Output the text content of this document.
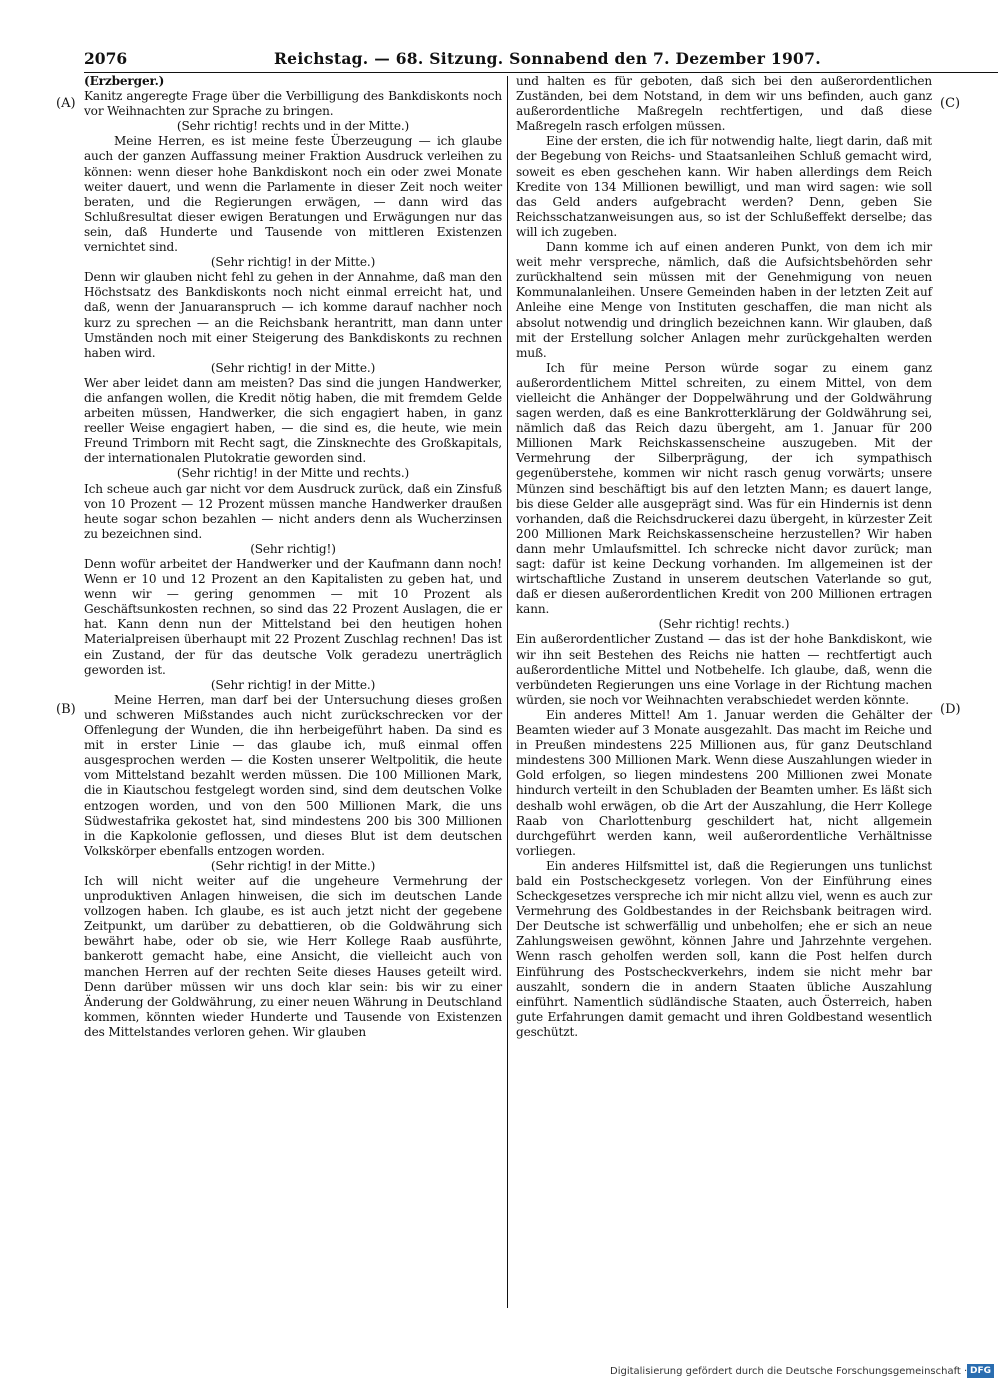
2076	Reichstag. — 68. Sitzung. Sonnabend den 7. Dezember 1907.
(A)
(B)
(C)
(D)

(Erzberger.)

Kanitz angeregte Frage über die Verbilligung des Bankdiskonts noch vor Weihnachten zur Sprache zu bringen.

(Sehr richtig! rechts und in der Mitte.)

Meine Herren, es ist meine feste Überzeugung — ich glaube auch der ganzen Auffassung meiner Fraktion Ausdruck verleihen zu können: wenn dieser hohe Bankdiskont noch ein oder zwei Monate weiter dauert, und wenn die Parlamente in dieser Zeit noch weiter beraten, und die Regierungen erwägen, — dann wird das Schlußresultat dieser ewigen Beratungen und Erwägungen nur das sein, daß Hunderte und Tausende von mittleren Existenzen vernichtet sind.

(Sehr richtig! in der Mitte.)

Denn wir glauben nicht fehl zu gehen in der Annahme, daß man den Höchstsatz des Bankdiskonts noch nicht einmal erreicht hat, und daß, wenn der Januaranspruch — ich komme darauf nachher noch kurz zu sprechen — an die Reichsbank herantritt, man dann unter Umständen noch mit einer Steigerung des Bankdiskonts zu rechnen haben wird.

(Sehr richtig! in der Mitte.)

Wer aber leidet dann am meisten? Das sind die jungen Handwerker, die anfangen wollen, die Kredit nötig haben, die mit fremdem Gelde arbeiten müssen, Handwerker, die sich engagiert haben, in ganz reeller Weise engagiert haben, — die sind es, die heute, wie mein Freund Trimborn mit Recht sagt, die Zinsknechte des Großkapitals, der internationalen Plutokratie geworden sind.

(Sehr richtig! in der Mitte und rechts.)

Ich scheue auch gar nicht vor dem Ausdruck zurück, daß ein Zinsfuß von 10 Prozent — 12 Prozent müssen manche Handwerker draußen heute sogar schon bezahlen — nicht anders denn als Wucherzinsen zu bezeichnen sind.

(Sehr richtig!)

Denn wofür arbeitet der Handwerker und der Kaufmann dann noch! Wenn er 10 und 12 Prozent an den Kapitalisten zu geben hat, und wenn wir — gering genommen — mit 10 Prozent als Geschäftsunkosten rechnen, so sind das 22 Prozent Auslagen, die er hat. Kann denn nun der Mittelstand bei den heutigen hohen Materialpreisen überhaupt mit 22 Prozent Zuschlag rechnen! Das ist ein Zustand, der für das deutsche Volk geradezu unerträglich geworden ist.

(Sehr richtig! in der Mitte.)

Meine Herren, man darf bei der Untersuchung dieses großen und schweren Mißstandes auch nicht zurückschrecken vor der Offenlegung der Wunden, die ihn herbeigeführt haben. Da sind es mit in erster Linie — das glaube ich, muß einmal offen ausgesprochen werden — die Kosten unserer Weltpolitik, die heute vom Mittelstand bezahlt werden müssen. Die 100 Millionen Mark, die in Kiautschou festgelegt worden sind, sind dem deutschen Volke entzogen worden, und von den 500 Millionen Mark, die uns Südwestafrika gekostet hat, sind mindestens 200 bis 300 Millionen in die Kapkolonie geflossen, und dieses Blut ist dem deutschen Volkskörper ebenfalls entzogen worden.

(Sehr richtig! in der Mitte.)

Ich will nicht weiter auf die ungeheure Vermehrung der unproduktiven Anlagen hinweisen, die sich im deutschen Lande vollzogen haben. Ich glaube, es ist auch jetzt nicht der gegebene Zeitpunkt, um darüber zu debattieren, ob die Goldwährung sich bewährt habe, oder ob sie, wie Herr Kollege Raab ausführte, bankerott gemacht habe, eine Ansicht, die vielleicht auch von manchen Herren auf der rechten Seite dieses Hauses geteilt wird. Denn darüber müssen wir uns doch klar sein: bis wir zu einer Änderung der Goldwährung, zu einer neuen Währung in Deutschland kommen, könnten wieder Hunderte und Tausende von Existenzen des Mittelstandes verloren gehen. Wir glauben

und halten es für geboten, daß sich bei den außerordentlichen Zuständen, bei dem Notstand, in dem wir uns befinden, auch ganz außerordentliche Maßregeln rechtfertigen, und daß diese Maßregeln rasch erfolgen müssen.

Eine der ersten, die ich für notwendig halte, liegt darin, daß mit der Begebung von Reichs- und Staatsanleihen Schluß gemacht wird, soweit es eben geschehen kann. Wir haben allerdings dem Reich Kredite von 134 Millionen bewilligt, und man wird sagen: wie soll das Geld anders aufgebracht werden? Denn, geben Sie Reichsschatzanweisungen aus, so ist der Schlußeffekt derselbe; das will ich zugeben.

Dann komme ich auf einen anderen Punkt, von dem ich mir weit mehr verspreche, nämlich, daß die Aufsichtsbehörden sehr zurückhaltend sein müssen mit der Genehmigung von neuen Kommunalanleihen. Unsere Gemeinden haben in der letzten Zeit auf Anleihe eine Menge von Instituten geschaffen, die man nicht als absolut notwendig und dringlich bezeichnen kann. Wir glauben, daß mit der Erstellung solcher Anlagen mehr zurückgehalten werden muß.

Ich für meine Person würde sogar zu einem ganz außerordentlichem Mittel schreiten, zu einem Mittel, von dem vielleicht die Anhänger der Doppelwährung und der Goldwährung sagen werden, daß es eine Bankrotterklärung der Goldwährung sei, nämlich daß das Reich dazu übergeht, am 1. Januar für 200 Millionen Mark Reichskassenscheine auszugeben. Mit der Vermehrung der Silberprägung, der ich sympathisch gegenüberstehe, kommen wir nicht rasch genug vorwärts; unsere Münzen sind beschäftigt bis auf den letzten Mann; es dauert lange, bis diese Gelder alle ausgeprägt sind. Was für ein Hindernis ist denn vorhanden, daß die Reichsdruckerei dazu übergeht, in kürzester Zeit 200 Millionen Mark Reichskassenscheine herzustellen? Wir haben dann mehr Umlaufsmittel. Ich schrecke nicht davor zurück; man sagt: dafür ist keine Deckung vorhanden. Im allgemeinen ist der wirtschaftliche Zustand in unserem deutschen Vaterlande so gut, daß er diesen außerordentlichen Kredit von 200 Millionen ertragen kann.

(Sehr richtig! rechts.)

Ein außerordentlicher Zustand — das ist der hohe Bankdiskont, wie wir ihn seit Bestehen des Reichs nie hatten — rechtfertigt auch außerordentliche Mittel und Notbehelfe. Ich glaube, daß, wenn die verbündeten Regierungen uns eine Vorlage in der Richtung machen würden, sie noch vor Weihnachten verabschiedet werden könnte.

Ein anderes Mittel! Am 1. Januar werden die Gehälter der Beamten wieder auf 3 Monate ausgezahlt. Das macht im Reiche und in Preußen mindestens 225 Millionen aus, für ganz Deutschland mindestens 300 Millionen Mark. Wenn diese Auszahlungen wieder in Gold erfolgen, so liegen mindestens 200 Millionen zwei Monate hindurch verteilt in den Schubladen der Beamten umher. Es läßt sich deshalb wohl erwägen, ob die Art der Auszahlung, die Herr Kollege Raab von Charlottenburg geschildert hat, nicht allgemein durchgeführt werden kann, weil außerordentliche Verhältnisse vorliegen.

Ein anderes Hilfsmittel ist, daß die Regierungen uns tunlichst bald ein Postscheckgesetz vorlegen. Von der Einführung eines Scheckgesetzes verspreche ich mir nicht allzu viel, wenn es auch zur Vermehrung des Goldbestandes in der Reichsbank beitragen wird. Der Deutsche ist schwerfällig und unbeholfen; ehe er sich an neue Zahlungsweisen gewöhnt, können Jahre und Jahrzehnte vergehen. Wenn rasch geholfen werden soll, kann die Post helfen durch Einführung des Postscheckverkehrs, indem sie nicht mehr bar auszahlt, sondern die in andern Staaten übliche Auszahlung einführt. Namentlich südländische Staaten, auch Österreich, haben gute Erfahrungen damit gemacht und ihren Goldbestand wesentlich geschützt.

Digitalisierung gefördert durch die Deutsche Forschungsgemeinschaft · DFG
